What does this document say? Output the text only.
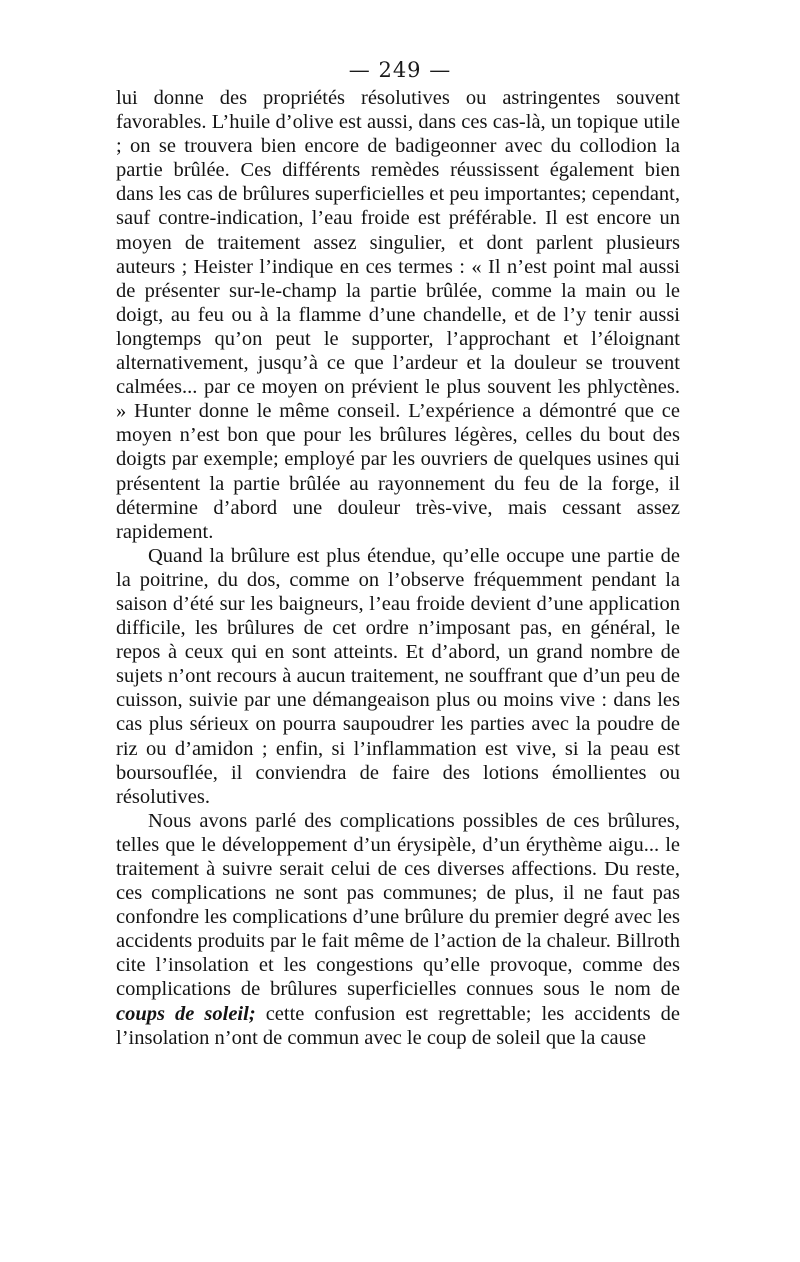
— 249 —

lui donne des propriétés résolutives ou astringentes souvent favorables. L’huile d’olive est aussi, dans ces cas-là, un topique utile ; on se trouvera bien encore de badigeonner avec du collodion la partie brûlée. Ces différents remèdes réussissent également bien dans les cas de brûlures superficielles et peu importantes; cependant, sauf contre-indication, l’eau froide est préférable. Il est encore un moyen de traitement assez singulier, et dont parlent plusieurs auteurs ; Heister l’indique en ces termes : « Il n’est point mal aussi de présenter sur-le-champ la partie brûlée, comme la main ou le doigt, au feu ou à la flamme d’une chandelle, et de l’y tenir aussi longtemps qu’on peut le supporter, l’approchant et l’éloignant alternativement, jusqu’à ce que l’ardeur et la douleur se trouvent calmées... par ce moyen on prévient le plus souvent les phlyctènes. » Hunter donne le même conseil. L’expérience a démontré que ce moyen n’est bon que pour les brûlures légères, celles du bout des doigts par exemple; employé par les ouvriers de quelques usines qui présentent la partie brûlée au rayonnement du feu de la forge, il détermine d’abord une douleur très-vive, mais cessant assez rapidement.

Quand la brûlure est plus étendue, qu’elle occupe une partie de la poitrine, du dos, comme on l’observe fréquemment pendant la saison d’été sur les baigneurs, l’eau froide devient d’une application difficile, les brûlures de cet ordre n’imposant pas, en général, le repos à ceux qui en sont atteints. Et d’abord, un grand nombre de sujets n’ont recours à aucun traitement, ne souffrant que d’un peu de cuisson, suivie par une démangeaison plus ou moins vive : dans les cas plus sérieux on pourra saupoudrer les parties avec la poudre de riz ou d’amidon ; enfin, si l’inflammation est vive, si la peau est boursouflée, il conviendra de faire des lotions émollientes ou résolutives.

Nous avons parlé des complications possibles de ces brûlures, telles que le développement d’un érysipèle, d’un érythème aigu... le traitement à suivre serait celui de ces diverses affections. Du reste, ces complications ne sont pas communes; de plus, il ne faut pas confondre les complications d’une brûlure du premier degré avec les accidents produits par le fait même de l’action de la chaleur. Billroth cite l’insolation et les congestions qu’elle provoque, comme des complications de brûlures superficielles connues sous le nom de coups de soleil; cette confusion est regrettable; les accidents de l’insolation n’ont de commun avec le coup de soleil que la cause
